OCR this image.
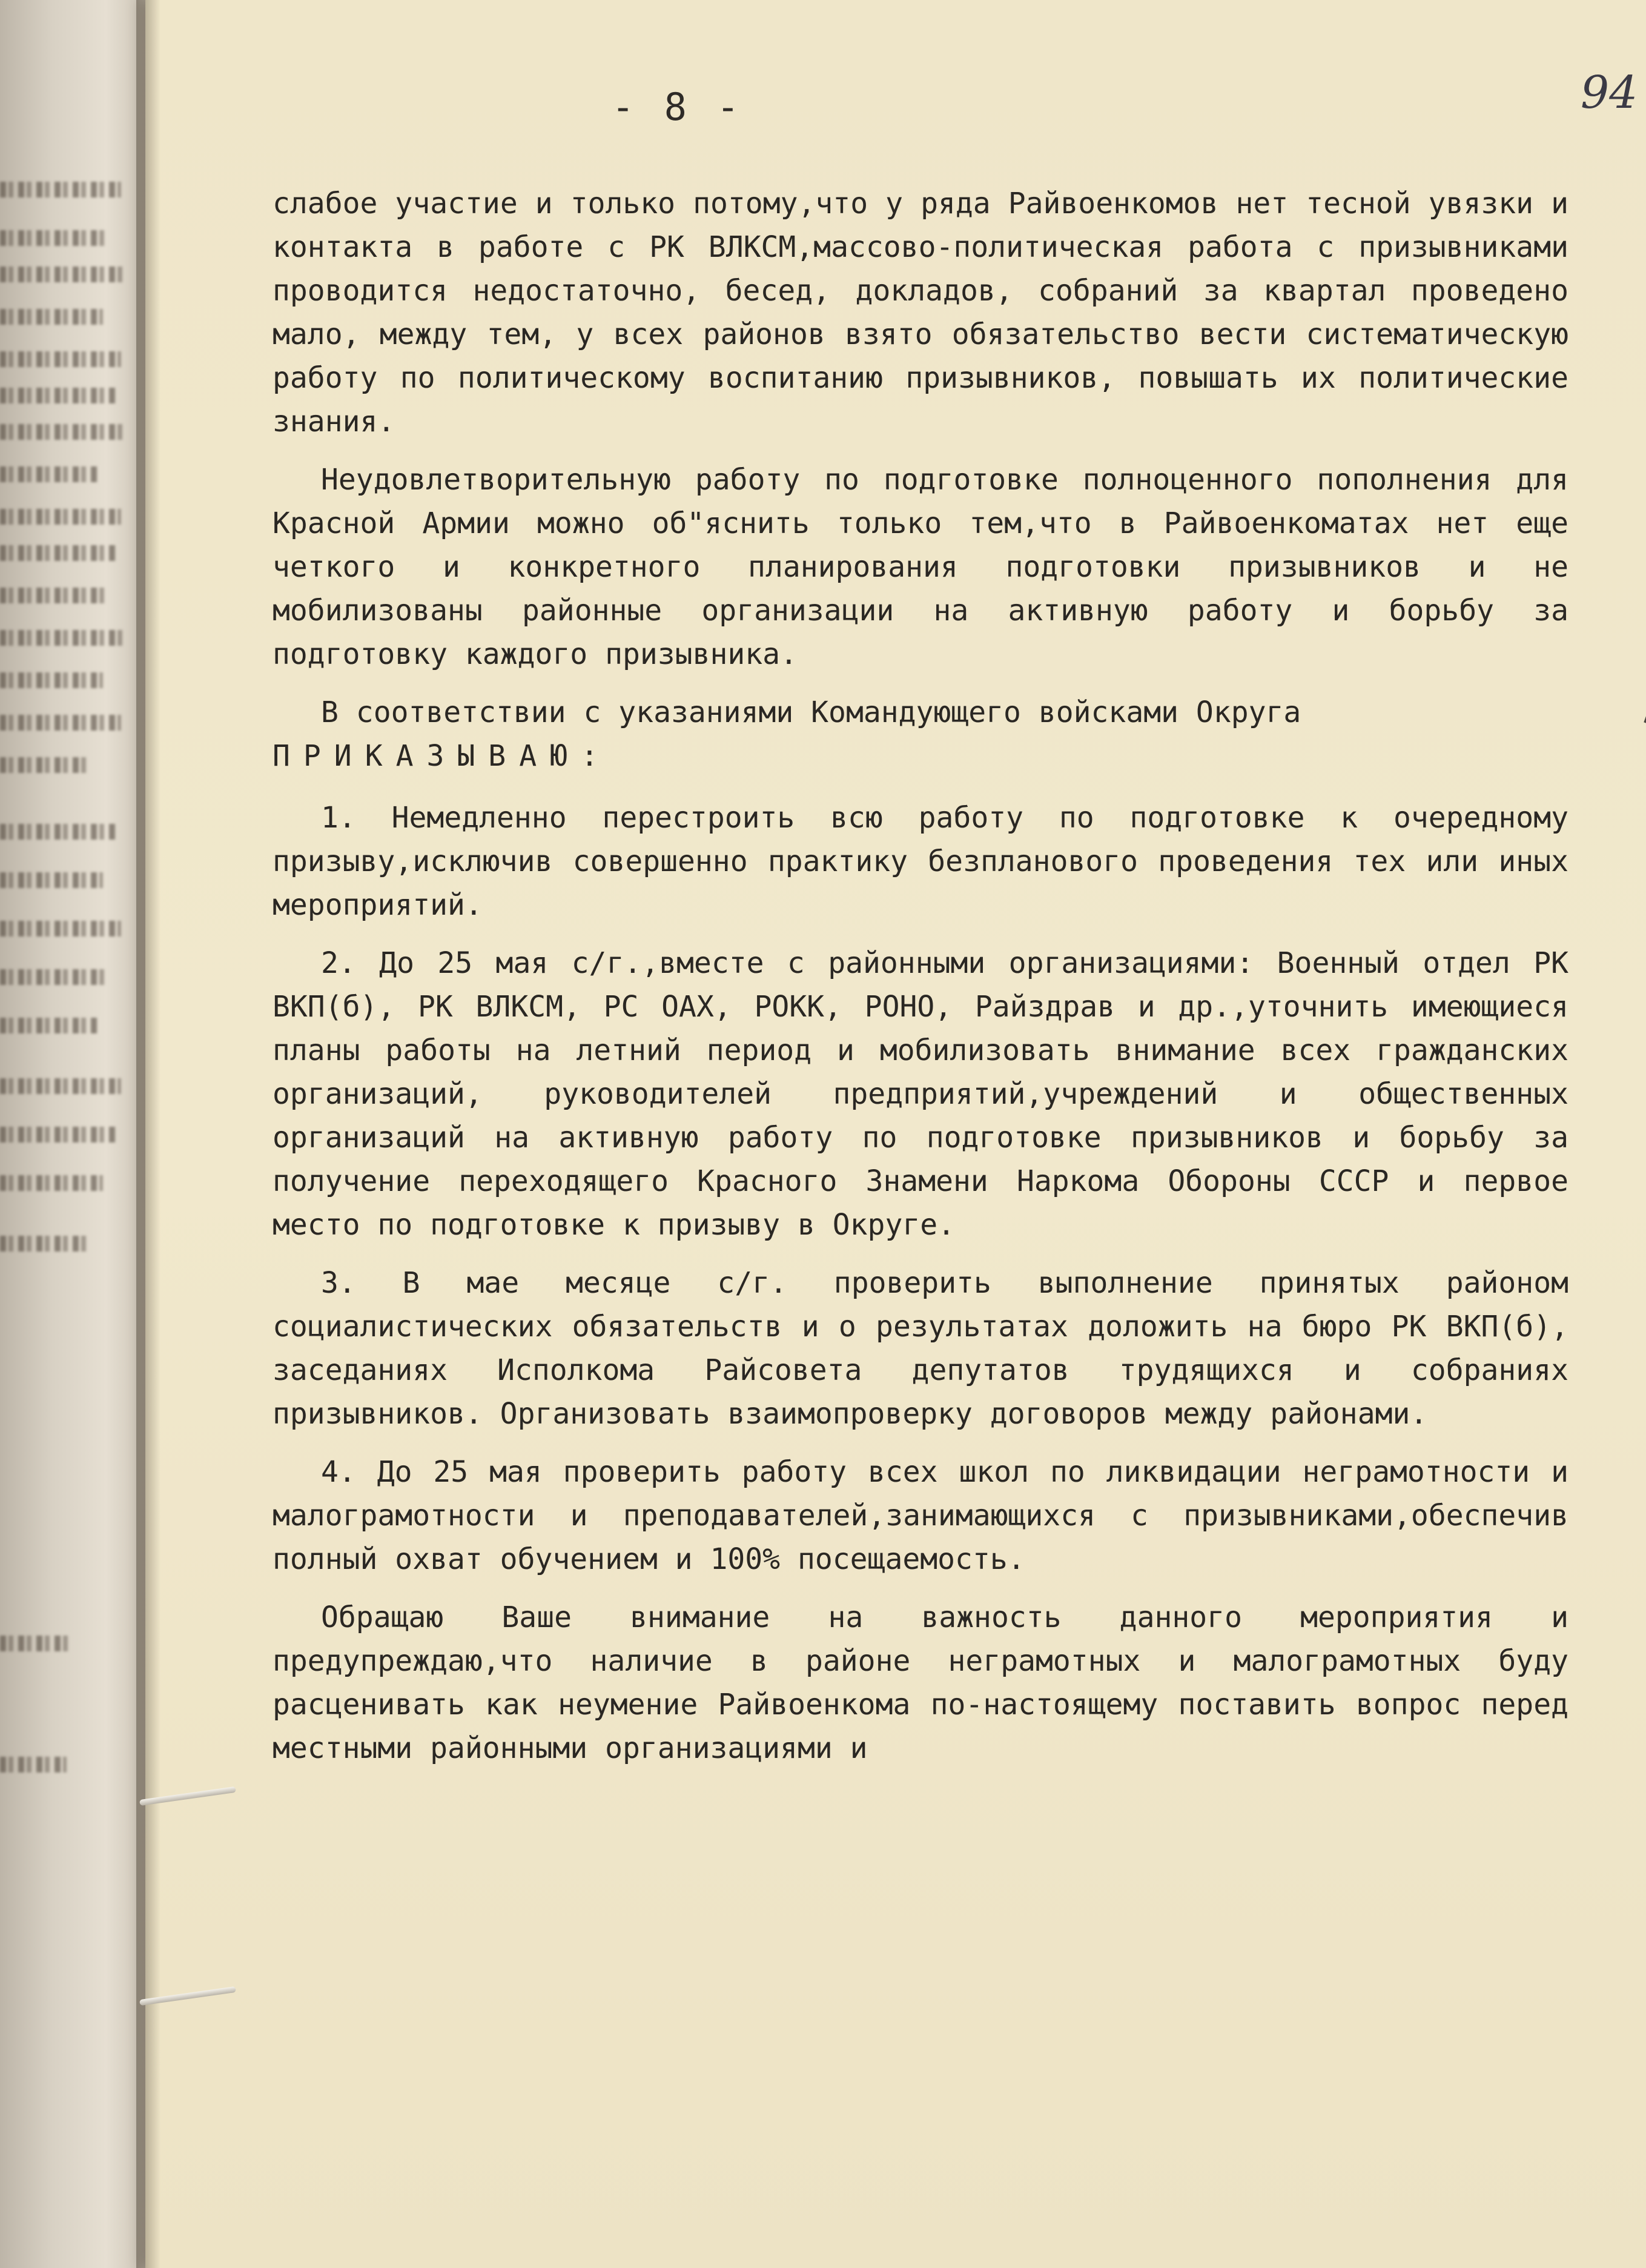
- 8 -	94

слабое участие и только потому,что у ряда Райвоенкомов нет тесной увязки и контакта в работе с РК ВЛКСМ,массово-политическая работа с призывниками проводится недостаточно, бесед, докладов, собраний за квартал проведено мало, между тем, у всех районов взято обязательство вести систематическую работу по политическому воспитанию призывников, повышать их политические знания.

Неудовлетворительную работу по подготовке полноценного пополнения для Красной Армии можно об"яснить только тем,что в Райвоенкоматах нет еще четкого и конкретного планирования подготовки призывников и не мобилизованы районные организации на активную работу и борьбу за подготовку каждого призывника.

В соответствии с указаниями Командующего войсками Округа

ПРИКАЗЫВАЮ:

1. Немедленно перестроить всю работу по подготовке к очередному призыву,исключив совершенно практику безпланового проведения тех или иных мероприятий.

2. До 25 мая с/г.,вместе с районными организациями: Военный отдел РК ВКП(б), РК ВЛКСМ, РС ОАХ, РОКК, РОНО, Райздрав и др.,уточнить имеющиеся планы работы на летний период и мобилизовать внимание всех гражданских организаций, руководителей предприятий,учреждений и общественных организаций на активную работу по подготовке призывников и борьбу за получение переходящего Красного Знамени Наркома Обороны СССР и первое место по подготовке к призыву в Округе.

3. В мае месяце с/г. проверить выполнение принятых районом социалистических обязательств и о результатах доложить на бюро РК ВКП(б), заседаниях Исполкома Райсовета депутатов трудящихся и собраниях призывников. Организовать взаимопроверку договоров между районами.

4. До 25 мая проверить работу всех школ по ликвидации неграмотности и малограмотности и преподавателей,занимающихся с призывниками,обеспечив полный охват обучением и 100% посещаемость.

Обращаю Ваше внимание на важность данного мероприятия и предупреждаю,что наличие в районе неграмотных и малограмотных буду расценивать как неумение Райвоенкома по-настоящему поставить вопрос перед местными районными организациями и
